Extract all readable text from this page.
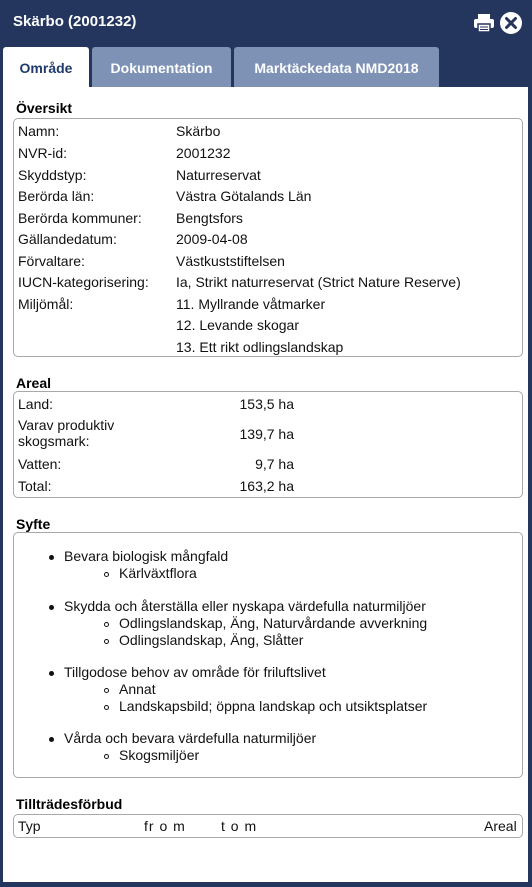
Skärbo (2001232)
Område	Dokumentation	Marktäckedata NMD2018
Översikt
Namn:	Skärbo
NVR-id:	2001232
Skyddstyp:	Naturreservat
Berörda län:	Västra Götalands Län
Berörda kommuner: Bengtsfors
Gällandedatum:	2009-04-08
Förvaltare:	Västkuststiftelsen
IUCN-kategorisering: Ia, Strikt naturreservat (Strict Nature Reserve)
Miljömål:	11. Myllrande våtmarker
12. Levande skogar
13. Ett rikt odlingslandskap
Areal
Land:	153,5 ha
Varav produktiv
skogsmark:	139,7 ha
Vatten:	9,7 ha
Total:	163,2 ha
Syfte
Bevara biologisk mångfald
Kärlväxtflora
Skydda och återställa eller nyskapa värdefulla naturmiljöer
Odlingslandskap, Äng, Naturvårdande avverkning
Odlingslandskap, Äng, Slåtter
Tillgodose behov av område för friluftslivet
Annat
Landskapsbild; öppna landskap och utsiktsplatser
Vårda och bevara värdefulla naturmiljöer
Skogsmiljöer
Tillträdesförbud
Typ	fr o m	t o m	Areal
